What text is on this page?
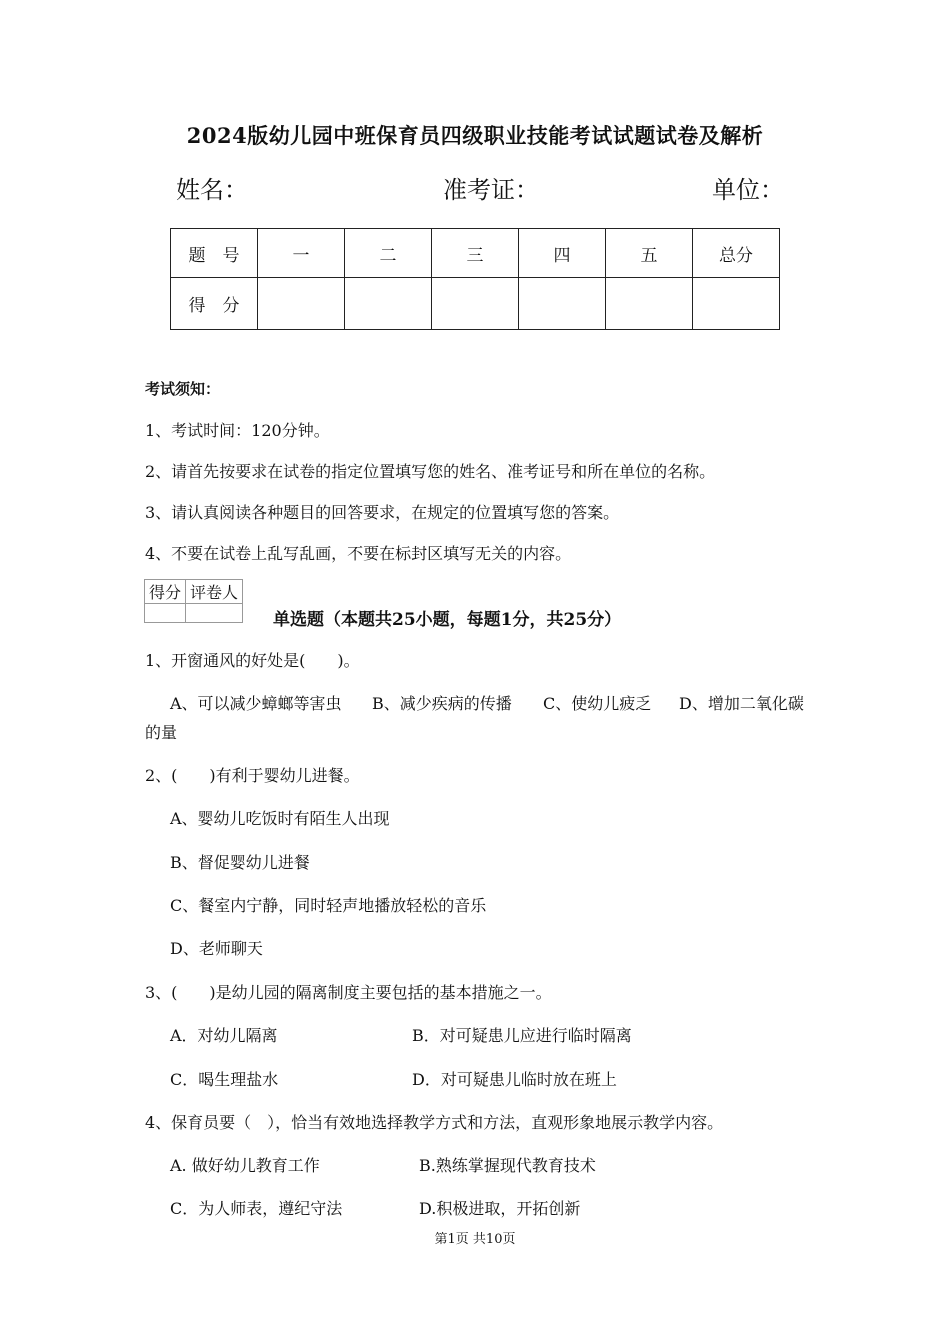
2024版幼儿园中班保育员四级职业技能考试试题试卷及解析
姓名：	准考证：	单位：
题　号	一	二	三	四	五	总分
得　分						
考试须知：
1、考试时间：120分钟。
2、请首先按要求在试卷的指定位置填写您的姓名、准考证号和所在单位的名称。
3、请认真阅读各种题目的回答要求，在规定的位置填写您的答案。
4、不要在试卷上乱写乱画，不要在标封区填写无关的内容。
得分	评卷人

单选题（本题共25小题，每题1分，共25分）
1、开窗通风的好处是(　　)。
A、可以减少蟑螂等害虫 B、减少疾病的传播 C、使幼儿疲乏 D、增加二氧化碳
的量
2、(　　)有利于婴幼儿进餐。
A、婴幼儿吃饭时有陌生人出现
B、督促婴幼儿进餐
C、餐室内宁静，同时轻声地播放轻松的音乐
D、老师聊天
3、(　　)是幼儿园的隔离制度主要包括的基本措施之一。
A．对幼儿隔离	B．对可疑患儿应进行临时隔离
C．喝生理盐水	D．对可疑患儿临时放在班上
4、保育员要（　），恰当有效地选择教学方式和方法，直观形象地展示教学内容。
A. 做好幼儿教育工作	B.熟练掌握现代教育技术
C．为人师表，遵纪守法	D.积极进取，开拓创新
第1页 共10页
